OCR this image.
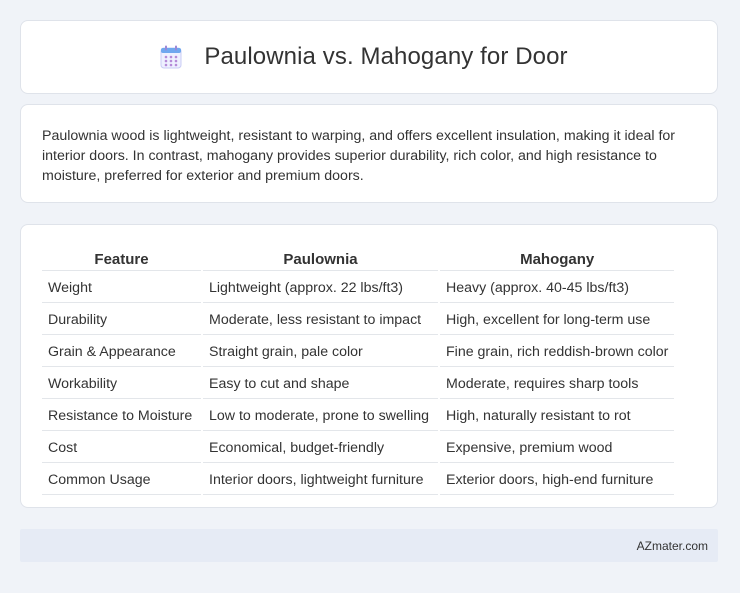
Paulownia vs. Mahogany for Door

Paulownia wood is lightweight, resistant to warping, and offers excellent insulation, making it ideal for interior doors. In contrast, mahogany provides superior durability, rich color, and high resistance to moisture, preferred for exterior and premium doors.

Feature	Paulownia	Mahogany
Weight	Lightweight (approx. 22 lbs/ft3)	Heavy (approx. 40-45 lbs/ft3)
Durability	Moderate, less resistant to impact	High, excellent for long-term use
Grain & Appearance	Straight grain, pale color	Fine grain, rich reddish-brown color
Workability	Easy to cut and shape	Moderate, requires sharp tools
Resistance to Moisture	Low to moderate, prone to swelling	High, naturally resistant to rot
Cost	Economical, budget-friendly	Expensive, premium wood
Common Usage	Interior doors, lightweight furniture	Exterior doors, high-end furniture
AZmater.com
